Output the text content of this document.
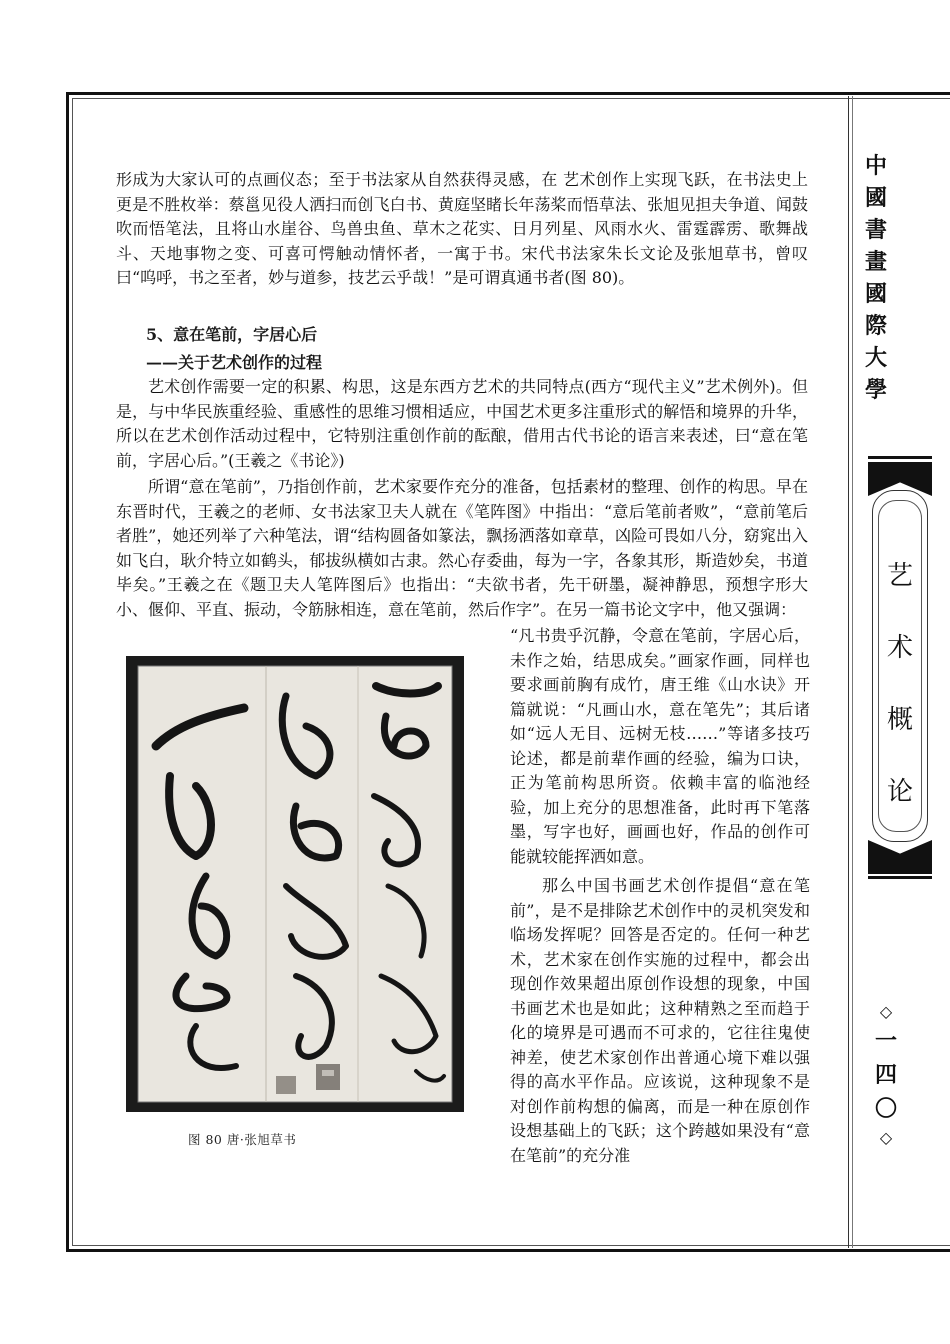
中
國
書
畫
國
際
大
學
艺
术
概
论
◇
一
四
〇
◇
形成为大家认可的点画仪态；至于书法家从自然获得灵感，在 艺术创作上实现飞跃，在书法史上更是不胜枚举：蔡邕见役人洒扫而创飞白书、黄庭坚睹长年荡桨而悟草法、张旭见担夫争道、闻鼓吹而悟笔法，且将山水崖谷、鸟兽虫鱼、草木之花实、日月列星、风雨水火、雷霆霹雳、歌舞战斗、天地事物之变、可喜可愕触动情怀者，一寓于书。宋代书法家朱长文论及张旭草书，曾叹曰“呜呼，书之至者，妙与道参，技艺云乎哉！”是可谓真通书者(图 80)。
5、意在笔前，字居心后
——关于艺术创作的过程
艺术创作需要一定的积累、构思，这是东西方艺术的共同特点(西方“现代主义”艺术例外)。但是，与中华民族重经验、重感性的思维习惯相适应，中国艺术更多注重形式的解悟和境界的升华，所以在艺术创作活动过程中，它特别注重创作前的酝酿，借用古代书论的语言来表述，曰“意在笔前，字居心后。”(王羲之《书论》)
所谓“意在笔前”，乃指创作前，艺术家要作充分的准备，包括素材的整理、创作的构思。早在东晋时代，王羲之的老师、女书法家卫夫人就在《笔阵图》中指出：“意后笔前者败”，“意前笔后者胜”，她还列举了六种笔法，谓“结构圆备如篆法，飘扬洒落如章草，凶险可畏如八分，窈窕出入如飞白，耿介特立如鹤头，郁拔纵横如古隶。然心存委曲，每为一字，各象其形，斯造妙矣，书道毕矣。”王羲之在《题卫夫人笔阵图后》也指出：“夫欲书者，先干研墨，凝神静思，预想字形大小、偃仰、平直、振动，令筋脉相连，意在笔前，然后作字”。在另一篇书论文字中，他又强调：
“凡书贵乎沉静，令意在笔前，字居心后，未作之始，结思成矣。”画家作画，同样也要求画前胸有成竹，唐王维《山水诀》开篇就说：“凡画山水，意在笔先”；其后诸如“远人无目、远树无枝……”等诸多技巧论述，都是前辈作画的经验，编为口诀，正为笔前构思所资。依赖丰富的临池经验，加上充分的思想准备，此时再下笔落墨，写字也好，画画也好，作品的创作可能就较能挥洒如意。
那么中国书画艺术创作提倡“意在笔前”，是不是排除艺术创作中的灵机突发和临场发挥呢？回答是否定的。任何一种艺术，艺术家在创作实施的过程中，都会出现创作效果超出原创作设想的现象，中国书画艺术也是如此；这种精熟之至而趋于化的境界是可遇而不可求的，它往往鬼使神差，使艺术家创作出普通心境下难以强得的高水平作品。应该说，这种现象不是对创作前构想的偏离，而是一种在原创作设想基础上的飞跃；这个跨越如果没有“意在笔前”的充分准
图 80 唐·张旭草书
